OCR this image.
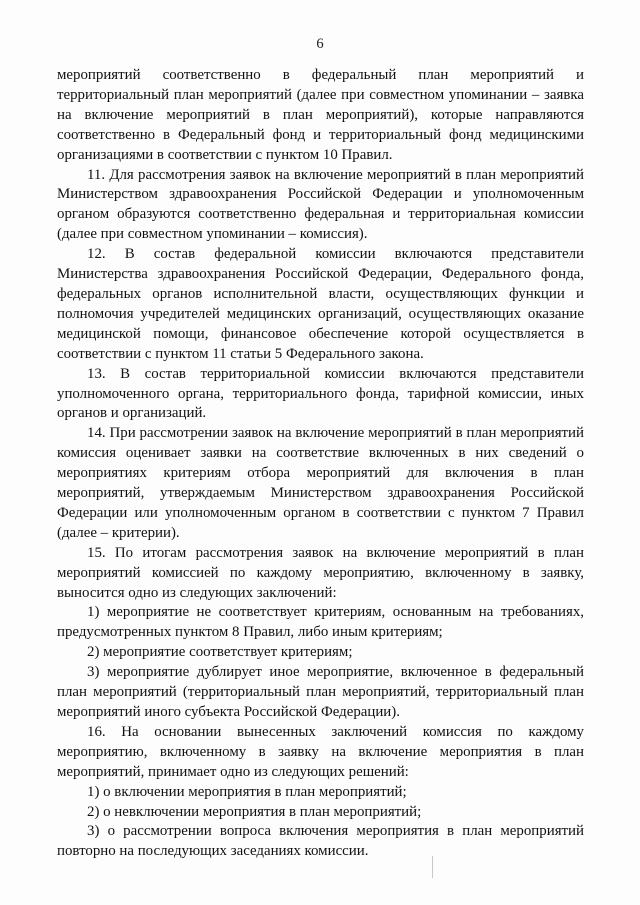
6

мероприятий соответственно в федеральный план мероприятий и территориальный план мероприятий (далее при совместном упоминании – заявка на включение мероприятий в план мероприятий), которые направляются соответственно в Федеральный фонд и территориальный фонд медицинскими организациями в соответствии с пунктом 10 Правил.

11. Для рассмотрения заявок на включение мероприятий в план мероприятий Министерством здравоохранения Российской Федерации и уполномоченным органом образуются соответственно федеральная и территориальная комиссии (далее при совместном упоминании – комиссия).

12. В состав федеральной комиссии включаются представители Министерства здравоохранения Российской Федерации, Федерального фонда, федеральных органов исполнительной власти, осуществляющих функции и полномочия учредителей медицинских организаций, осуществляющих оказание медицинской помощи, финансовое обеспечение которой осуществляется в соответствии с пунктом 11 статьи 5 Федерального закона.

13. В состав территориальной комиссии включаются представители уполномоченного органа, территориального фонда, тарифной комиссии, иных органов и организаций.

14. При рассмотрении заявок на включение мероприятий в план мероприятий комиссия оценивает заявки на соответствие включенных в них сведений о мероприятиях критериям отбора мероприятий для включения в план мероприятий, утверждаемым Министерством здравоохранения Российской Федерации или уполномоченным органом в соответствии с пунктом 7 Правил (далее – критерии).

15. По итогам рассмотрения заявок на включение мероприятий в план мероприятий комиссией по каждому мероприятию, включенному в заявку, выносится одно из следующих заключений:

1) мероприятие не соответствует критериям, основанным на требованиях, предусмотренных пунктом 8 Правил, либо иным критериям;

2) мероприятие соответствует критериям;

3) мероприятие дублирует иное мероприятие, включенное в федеральный план мероприятий (территориальный план мероприятий, территориальный план мероприятий иного субъекта Российской Федерации).

16. На основании вынесенных заключений комиссия по каждому мероприятию, включенному в заявку на включение мероприятия в план мероприятий, принимает одно из следующих решений:

1) о включении мероприятия в план мероприятий;

2) о невключении мероприятия в план мероприятий;

3) о рассмотрении вопроса включения мероприятия в план мероприятий повторно на последующих заседаниях комиссии.
